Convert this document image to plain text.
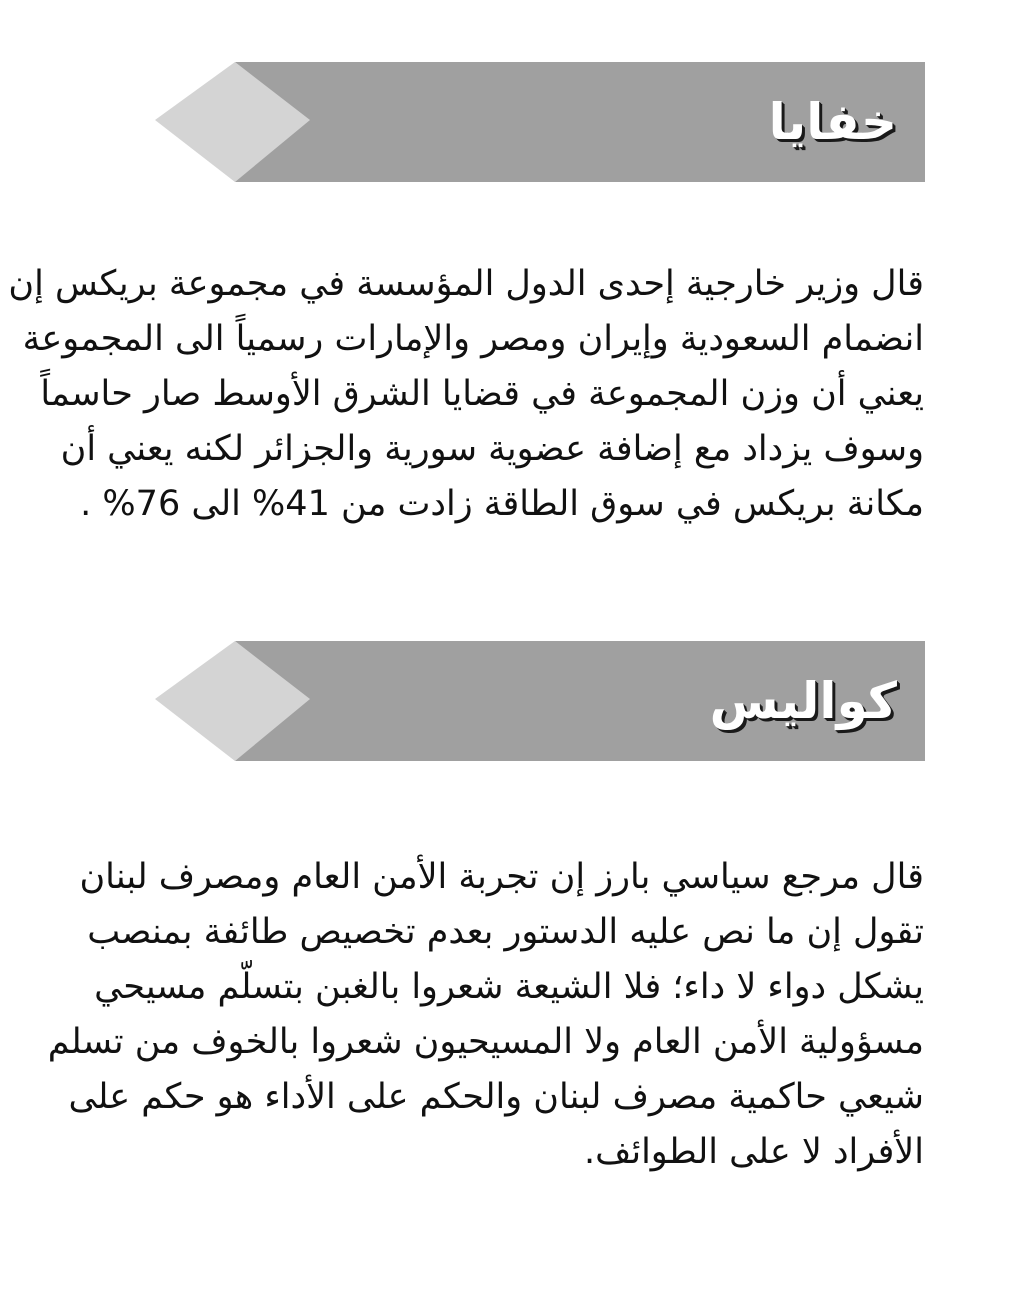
خفايا
قال وزير خارجية إحدى الدول المؤسسة في مجموعة بريكس إن
انضمام السعودية وإيران ومصر والإمارات رسمياً الى المجموعة
يعني أن وزن المجموعة في قضايا الشرق الأوسط صار حاسماً
وسوف يزداد مع إضافة عضوية سورية والجزائر لكنه يعني أن
مكانة بريكس في سوق الطاقة زادت من 41% الى 76% .
كواليس
قال مرجع سياسي بارز إن تجربة الأمن العام ومصرف لبنان
تقول إن ما نص عليه الدستور بعدم تخصيص طائفة بمنصب
يشكل دواء لا داء؛ فلا الشيعة شعروا بالغبن بتسلّم مسيحي
مسؤولية الأمن العام ولا المسيحيون شعروا بالخوف من تسلم
شيعي حاكمية مصرف لبنان والحكم على الأداء هو حكم على
الأفراد لا على الطوائف.
